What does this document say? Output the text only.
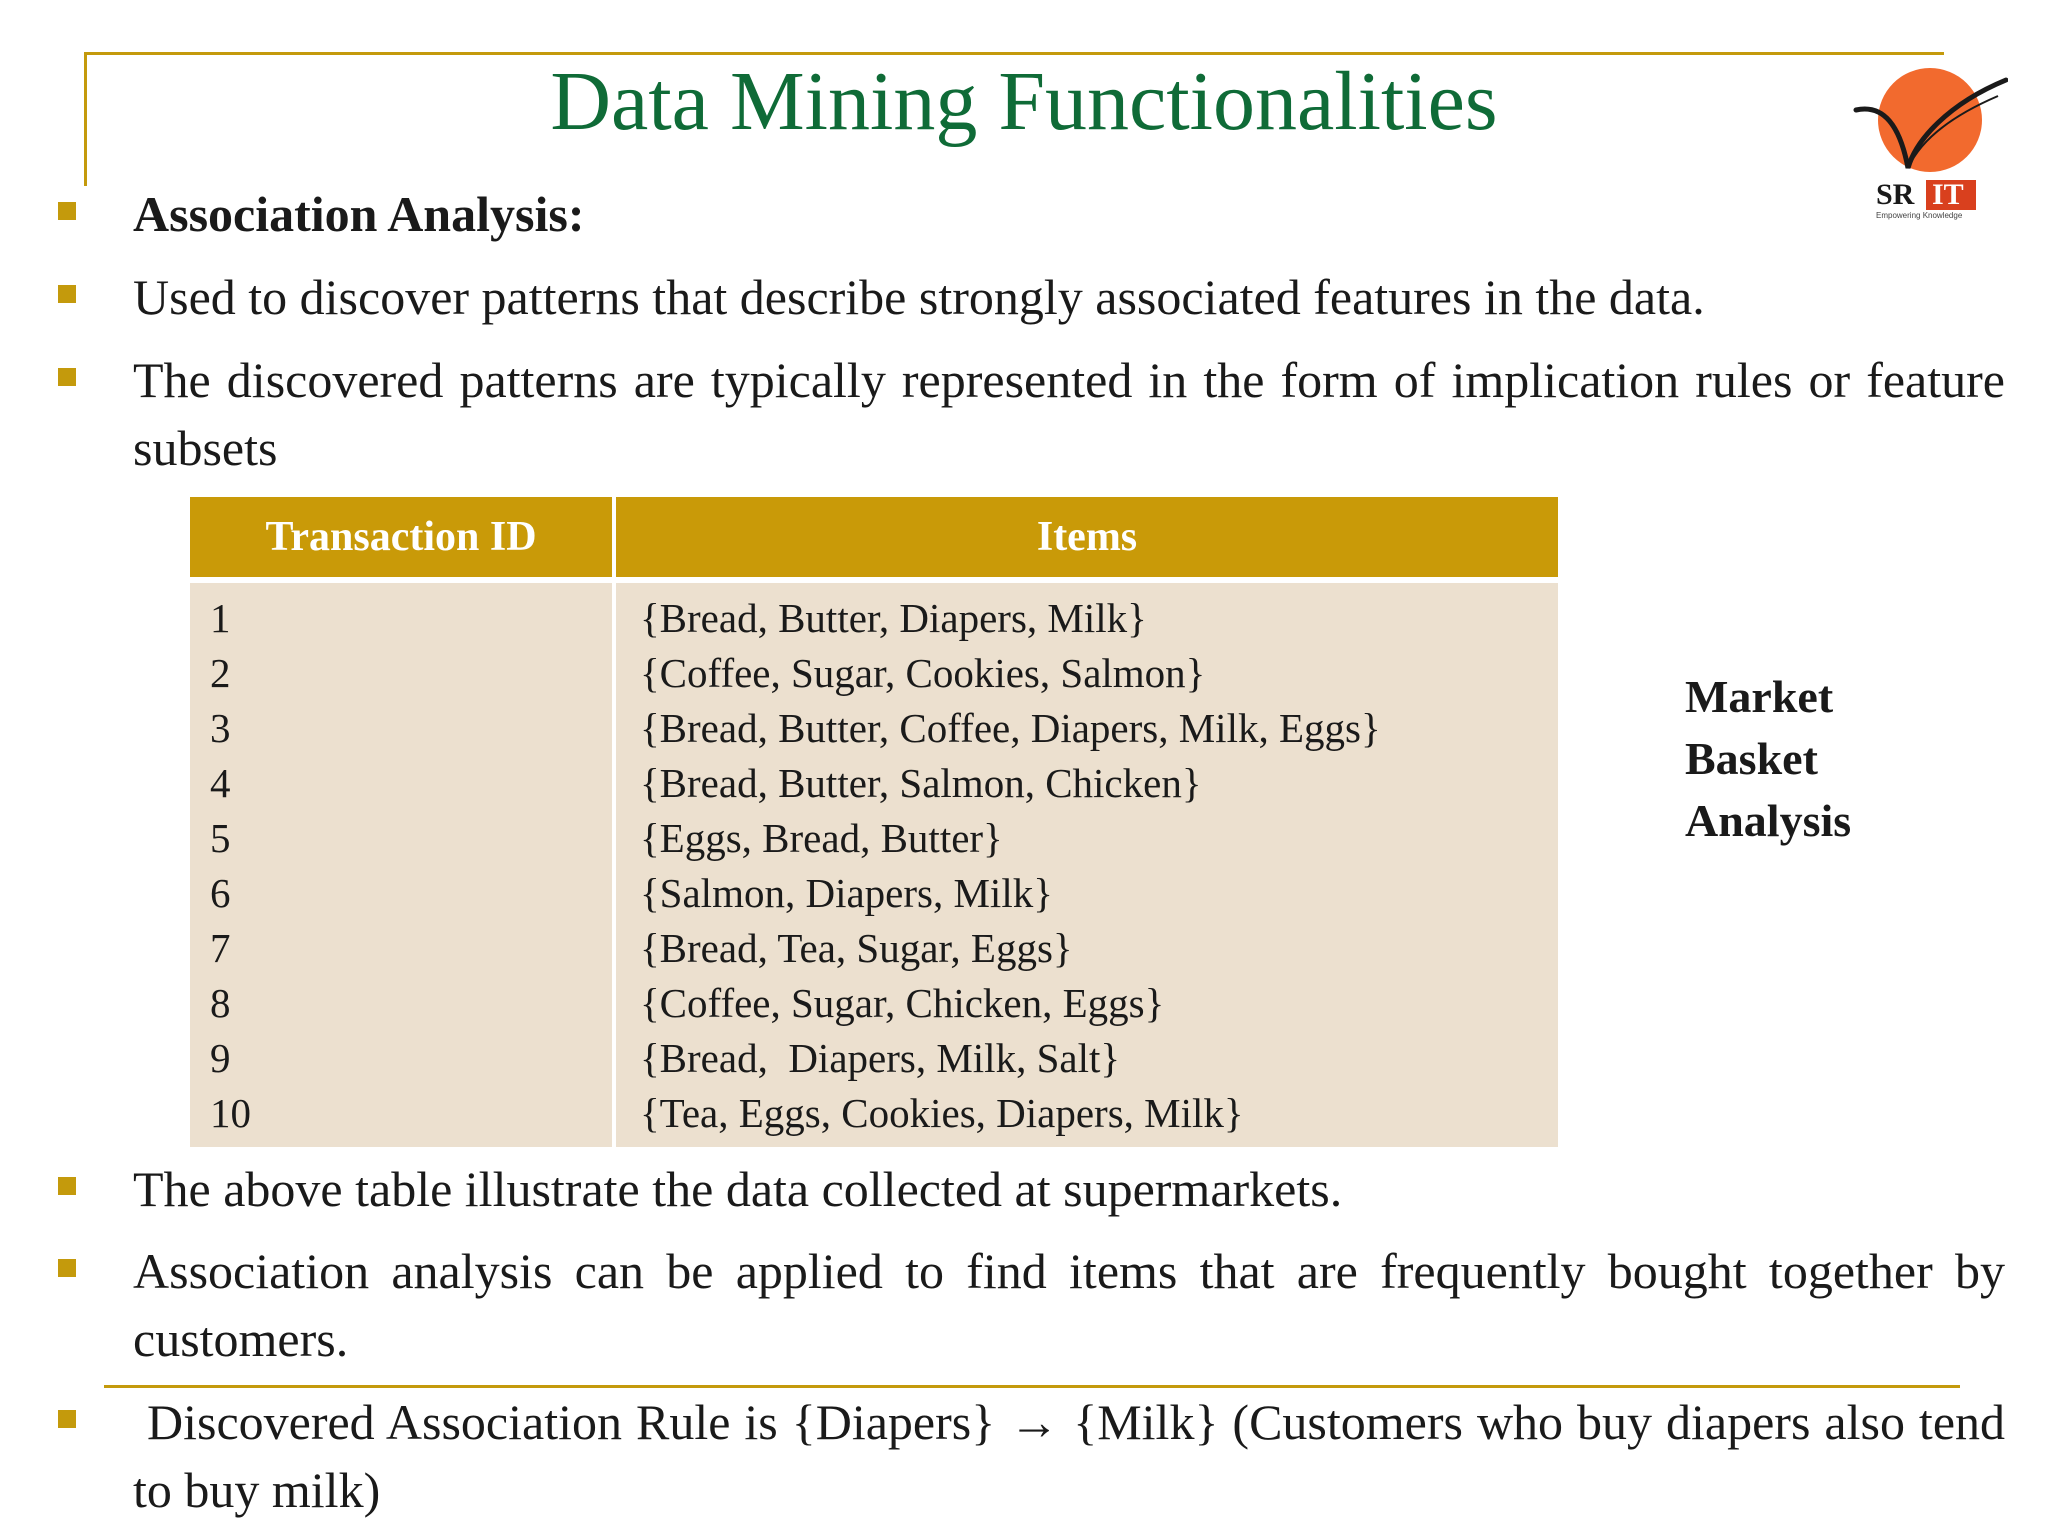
Data Mining Functionalities
SR IT
Empowering Knowledge
Association Analysis:
Used to discover patterns that describe strongly associated features in the data.
The discovered patterns are typically represented in the form of implication rules or feature subsets
Transaction ID	Items
1	{Bread, Butter, Diapers, Milk}
2	{Coffee, Sugar, Cookies, Salmon}
3	{Bread, Butter, Coffee, Diapers, Milk, Eggs}
4	{Bread, Butter, Salmon, Chicken}
5	{Eggs, Bread, Butter}
6	{Salmon, Diapers, Milk}
7	{Bread, Tea, Sugar, Eggs}
8	{Coffee, Sugar, Chicken, Eggs}
9	{Bread,  Diapers, Milk, Salt}
10	{Tea, Eggs, Cookies, Diapers, Milk}
Market
Basket
Analysis
The above table illustrate the data collected at supermarkets.
Association analysis can be applied to find items that are frequently bought together by customers.
Discovered Association Rule is {Diapers} → {Milk} (Customers who buy diapers also tend to buy milk)
